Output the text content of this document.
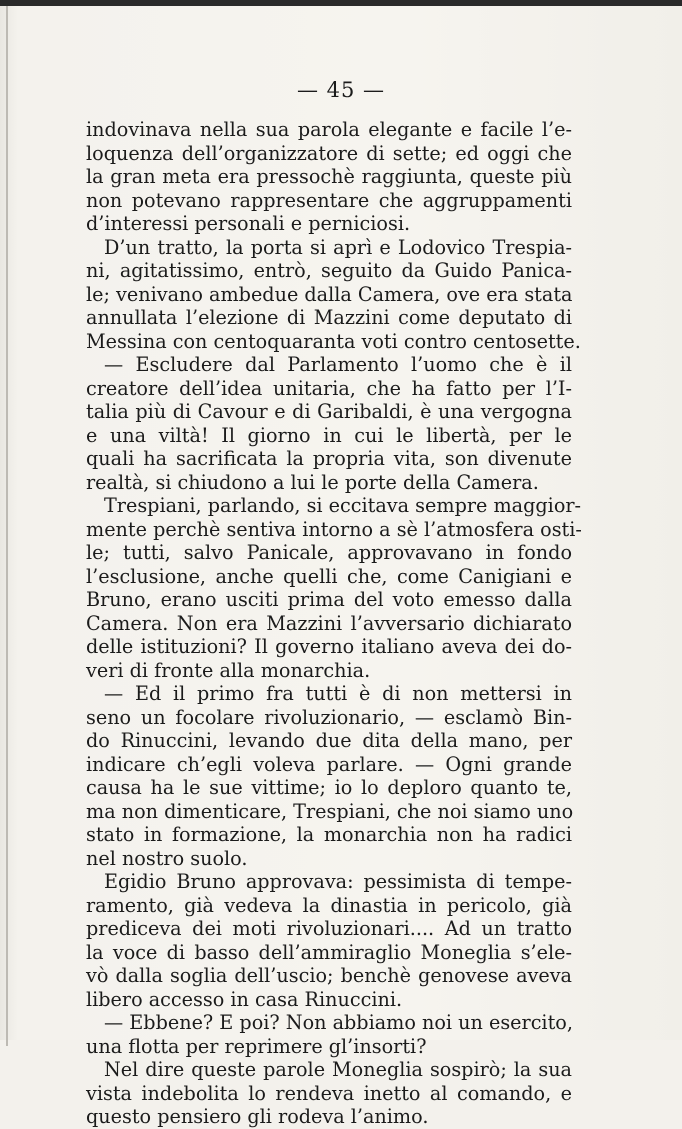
— 45 —
indovinava nella sua parola elegante e facile l’e-
loquenza dell’organizzatore di sette; ed oggi che
la gran meta era pressochè raggiunta, queste più
non potevano rappresentare che aggruppamenti
d’interessi personali e perniciosi.
D’un tratto, la porta si aprì e Lodovico Trespia-
ni, agitatissimo, entrò, seguito da Guido Panica-
le; venivano ambedue dalla Camera, ove era stata
annullata l’elezione di Mazzini come deputato di
Messina con centoquaranta voti contro centosette.
— Escludere dal Parlamento l’uomo che è il
creatore dell’idea unitaria, che ha fatto per l’I-
talia più di Cavour e di Garibaldi, è una vergogna
e una viltà! Il giorno in cui le libertà, per le
quali ha sacrificata la propria vita, son divenute
realtà, si chiudono a lui le porte della Camera.
Trespiani, parlando, si eccitava sempre maggior-
mente perchè sentiva intorno a sè l’atmosfera osti-
le; tutti, salvo Panicale, approvavano in fondo
l’esclusione, anche quelli che, come Canigiani e
Bruno, erano usciti prima del voto emesso dalla
Camera. Non era Mazzini l’avversario dichiarato
delle istituzioni? Il governo italiano aveva dei do-
veri di fronte alla monarchia.
— Ed il primo fra tutti è di non mettersi in
seno un focolare rivoluzionario, — esclamò Bin-
do Rinuccini, levando due dita della mano, per
indicare ch’egli voleva parlare. — Ogni grande
causa ha le sue vittime; io lo deploro quanto te,
ma non dimenticare, Trespiani, che noi siamo uno
stato in formazione, la monarchia non ha radici
nel nostro suolo.
Egidio Bruno approvava: pessimista di tempe-
ramento, già vedeva la dinastia in pericolo, già
prediceva dei moti rivoluzionari.... Ad un tratto
la voce di basso dell’ammiraglio Moneglia s’ele-
vò dalla soglia dell’uscio; benchè genovese aveva
libero accesso in casa Rinuccini.
— Ebbene? E poi? Non abbiamo noi un esercito,
una flotta per reprimere gl’insorti?
Nel dire queste parole Moneglia sospirò; la sua
vista indebolita lo rendeva inetto al comando, e
questo pensiero gli rodeva l’animo.
